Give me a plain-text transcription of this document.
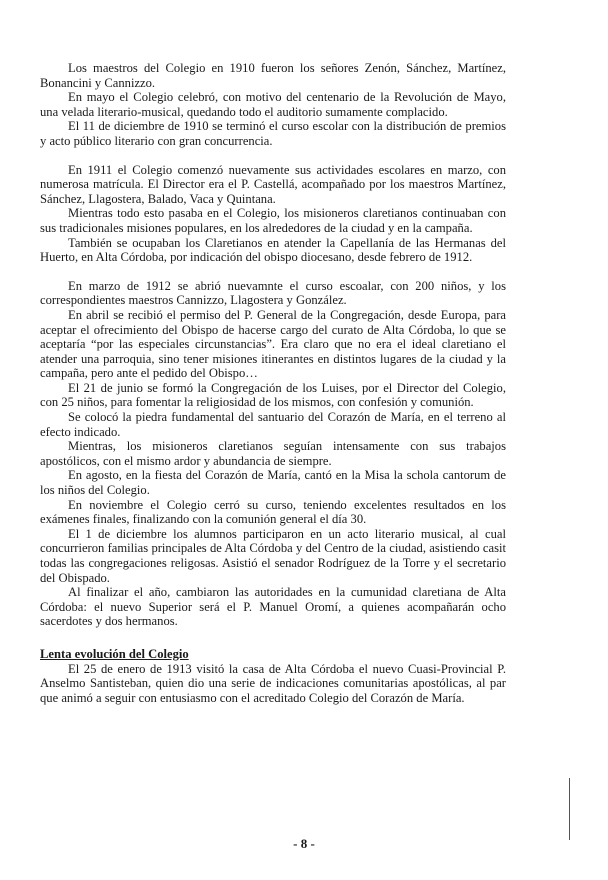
Los maestros del Colegio en 1910 fueron los señores Zenón, Sánchez, Martínez, Bonancini y Cannizzo.

En mayo el Colegio celebró, con motivo del centenario de la Revolución de Mayo, una velada literario-musical, quedando todo el auditorio sumamente complacido.

El 11 de diciembre de 1910 se terminó el curso escolar con la distribución de premios y acto público literario con gran concurrencia.

En 1911 el Colegio comenzó nuevamente sus actividades escolares en marzo, con numerosa matrícula. El Director era el P. Castellá, acompañado por los maestros Martínez, Sánchez, Llagostera, Balado, Vaca y Quintana.

Mientras todo esto pasaba en el Colegio, los misioneros claretianos continuaban con sus tradicionales misiones populares, en los alrededores de la ciudad y en la campaña.

También se ocupaban los Claretianos en atender la Capellanía de las Hermanas del Huerto, en Alta Córdoba, por indicación del obispo diocesano, desde febrero de 1912.

En marzo de 1912 se abrió nuevamnte el curso escoalar, con 200 niños, y los correspondientes maestros Cannizzo, Llagostera y González.

En abril se recibió el permiso del P. General de la Congregación, desde Europa, para aceptar el ofrecimiento del Obispo de hacerse cargo del curato de Alta Córdoba, lo que se aceptaría “por las especiales circunstancias”. Era claro que no era el ideal claretiano el atender una parroquia, sino tener misiones itinerantes en distintos lugares de la ciudad y la campaña, pero ante el pedido del Obispo…

El 21 de junio se formó la Congregación de los Luises, por el Director del Colegio, con 25 niños, para fomentar la religiosidad de los mismos, con confesión y comunión.

Se colocó la piedra fundamental del santuario del Corazón de María, en el terreno al efecto indicado.

Mientras, los misioneros claretianos seguían intensamente con sus trabajos apostólicos, con el mismo ardor y abundancia de siempre.

En agosto, en la fiesta del Corazón de María, cantó en la Misa la schola cantorum de los niños del Colegio.

En noviembre el Colegio cerró su curso, teniendo excelentes resultados en los exámenes finales, finalizando con la comunión general el día 30.

El 1 de diciembre los alumnos participaron en un acto literario musical, al cual concurrieron familias principales de Alta Córdoba y del Centro de la ciudad, asistiendo casit todas las congregaciones religosas. Asistió el senador Rodríguez de la Torre y el secretario del Obispado.

Al finalizar el año, cambiaron las autoridades en la cumunidad claretiana de Alta Córdoba: el nuevo Superior será el P. Manuel Oromí, a quienes acompañarán ocho sacerdotes y dos hermanos.

Lenta evolución del Colegio

El 25 de enero de 1913 visitó la casa de Alta Córdoba el nuevo Cuasi-Provincial P. Anselmo Santisteban, quien dio una serie de indicaciones comunitarias apostólicas, al par que animó a seguir con entusiasmo con el acreditado Colegio del Corazón de María.

- 8 -
